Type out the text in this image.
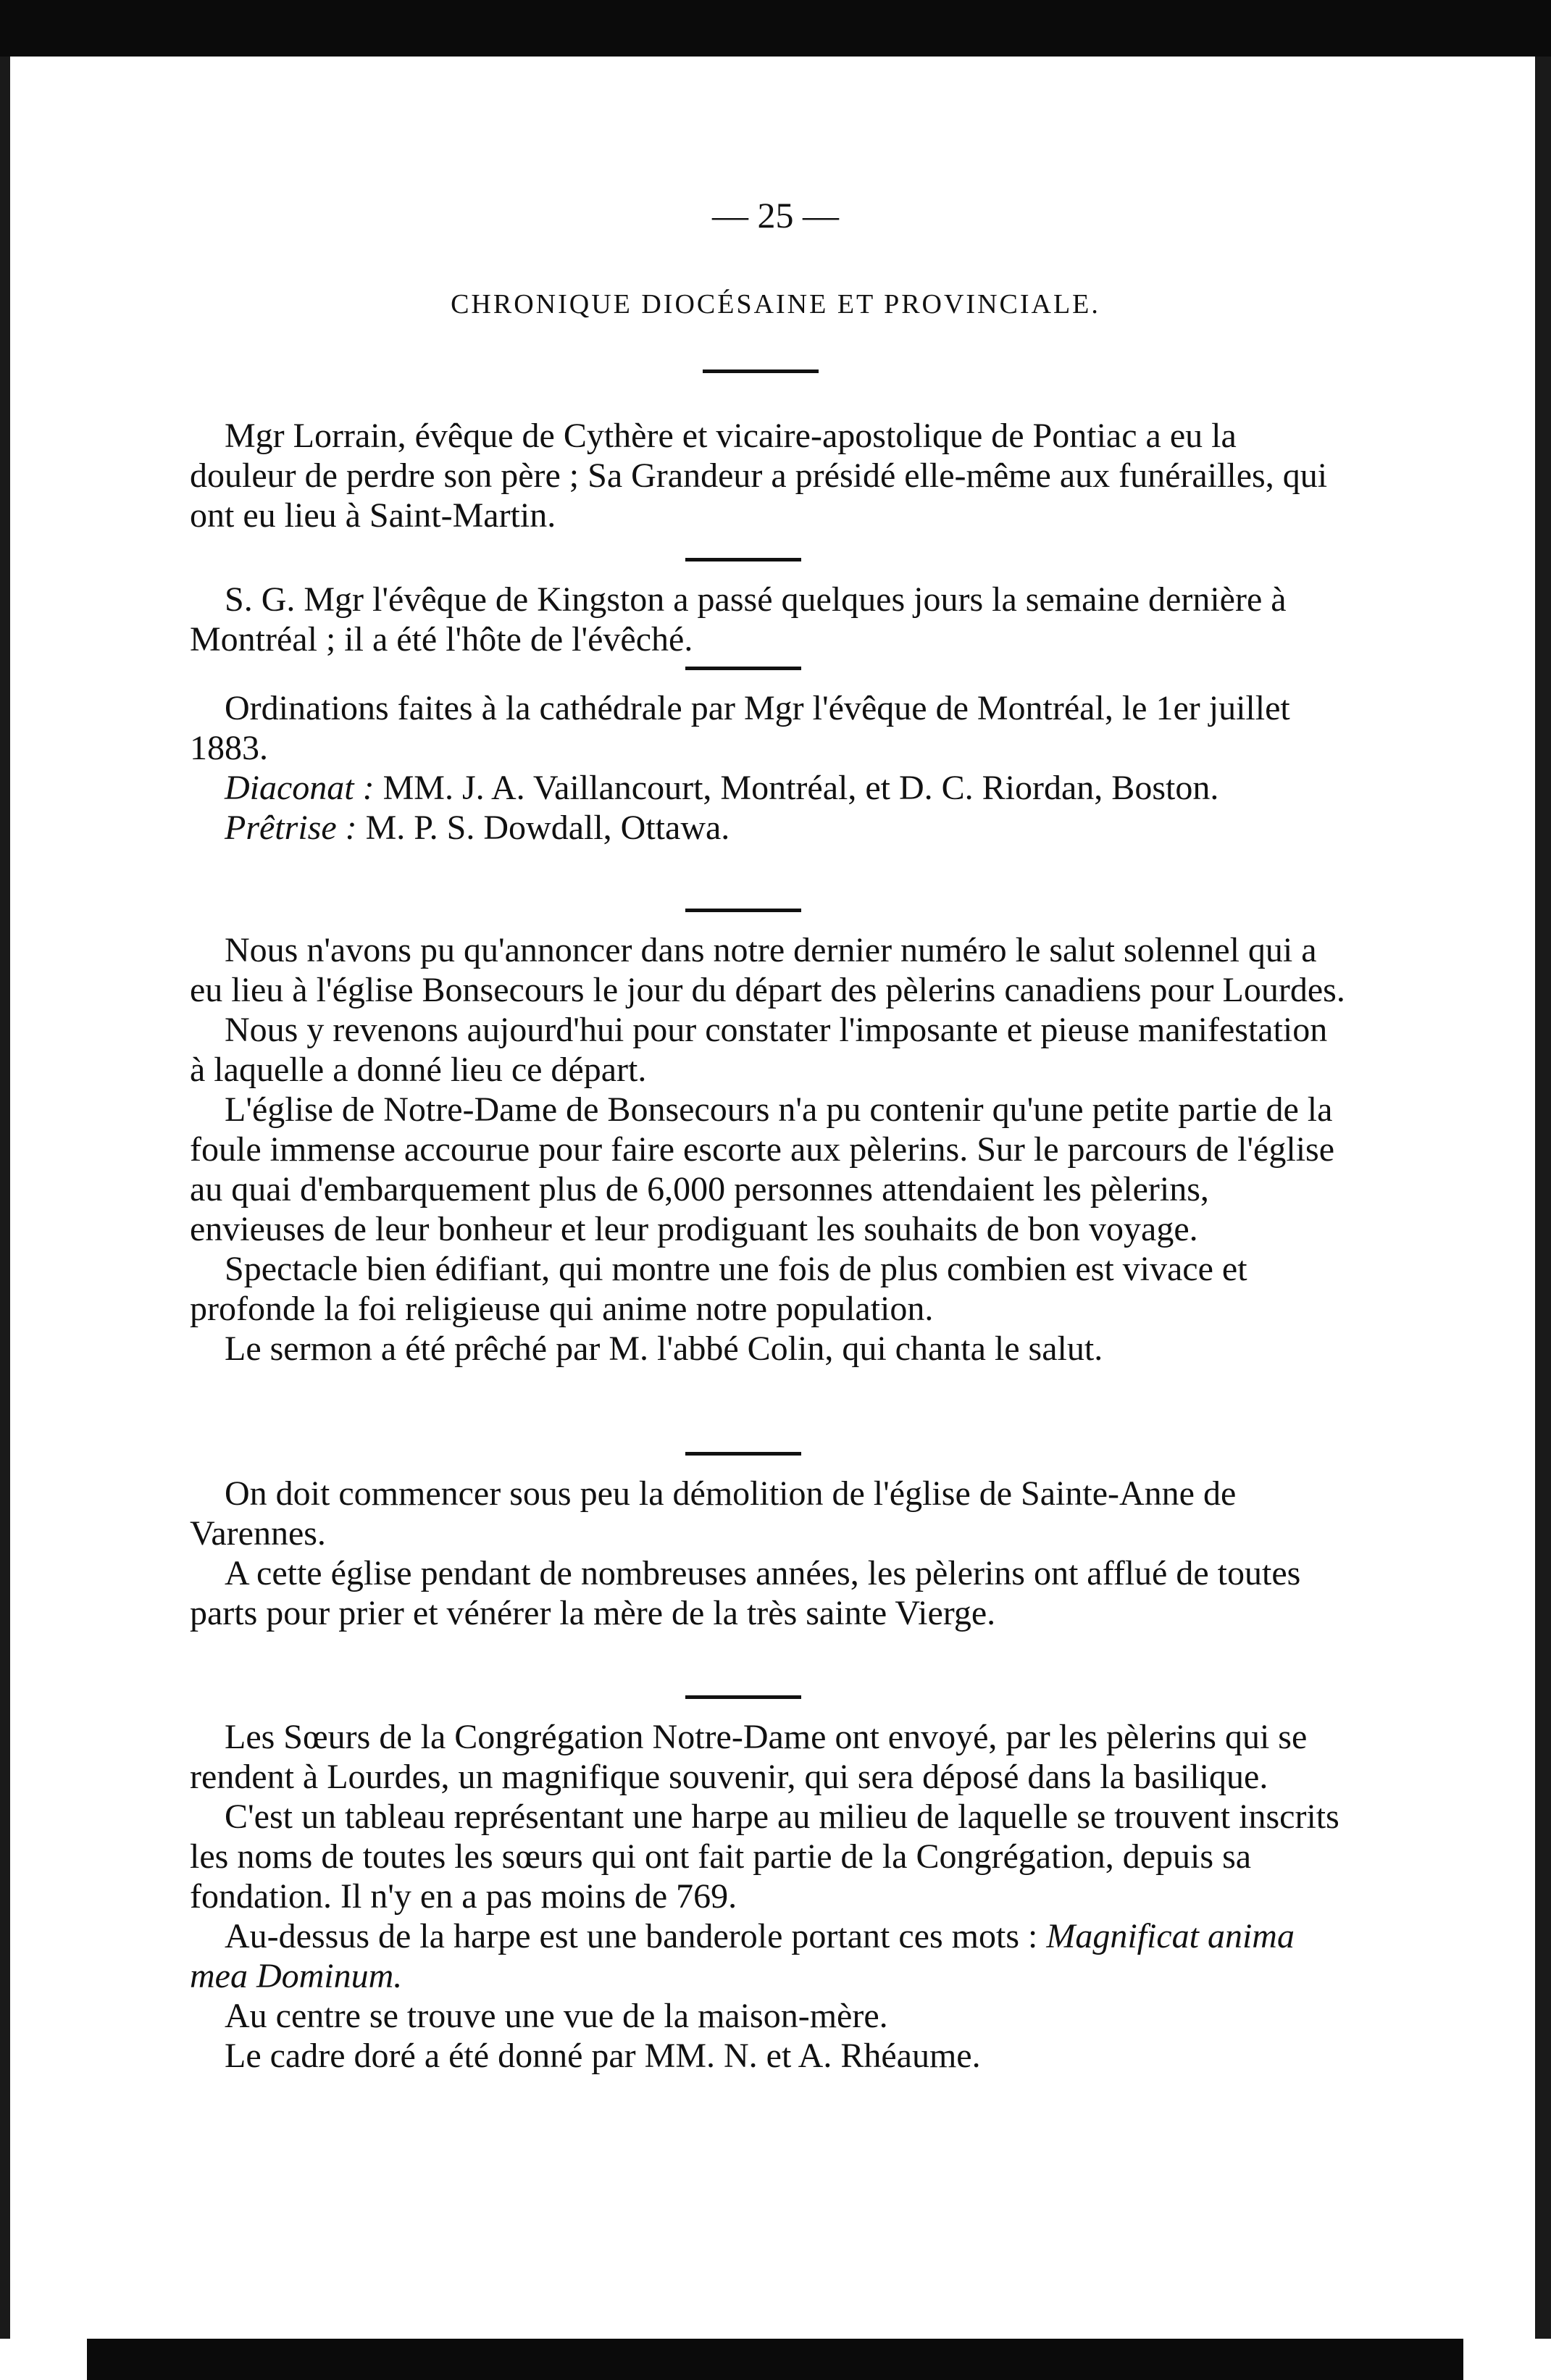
— 25 —
CHRONIQUE DIOCÉSAINE ET PROVINCIALE.

Mgr Lorrain, évêque de Cythère et vicaire-apostolique de Pontiac a eu la douleur de perdre son père ; Sa Grandeur a présidé elle-même aux funérailles, qui ont eu lieu à Saint-Martin.

S. G. Mgr l'évêque de Kingston a passé quelques jours la semaine dernière à Montréal ; il a été l'hôte de l'évêché.

Ordinations faites à la cathédrale par Mgr l'évêque de Montréal, le 1er juillet 1883.

Diaconat : MM. J. A. Vaillancourt, Montréal, et D. C. Riordan, Boston.

Prêtrise : M. P. S. Dowdall, Ottawa.

Nous n'avons pu qu'annoncer dans notre dernier numéro le salut solennel qui a eu lieu à l'église Bonsecours le jour du départ des pèlerins canadiens pour Lourdes.

Nous y revenons aujourd'hui pour constater l'imposante et pieuse manifestation à laquelle a donné lieu ce départ.

L'église de Notre-Dame de Bonsecours n'a pu contenir qu'une petite partie de la foule immense accourue pour faire escorte aux pèlerins. Sur le parcours de l'église au quai d'embarquement plus de 6,000 personnes attendaient les pèlerins, envieuses de leur bonheur et leur prodiguant les souhaits de bon voyage.

Spectacle bien édifiant, qui montre une fois de plus combien est vivace et profonde la foi religieuse qui anime notre population.

Le sermon a été prêché par M. l'abbé Colin, qui chanta le salut.

On doit commencer sous peu la démolition de l'église de Sainte-Anne de Varennes.

A cette église pendant de nombreuses années, les pèlerins ont afflué de toutes parts pour prier et vénérer la mère de la très sainte Vierge.

Les Sœurs de la Congrégation Notre-Dame ont envoyé, par les pèlerins qui se rendent à Lourdes, un magnifique souvenir, qui sera déposé dans la basilique.

C'est un tableau représentant une harpe au milieu de laquelle se trouvent inscrits les noms de toutes les sœurs qui ont fait partie de la Congrégation, depuis sa fondation. Il n'y en a pas moins de 769.

Au-dessus de la harpe est une banderole portant ces mots : Magnificat anima mea Dominum.

Au centre se trouve une vue de la maison-mère.

Le cadre doré a été donné par MM. N. et A. Rhéaume.
